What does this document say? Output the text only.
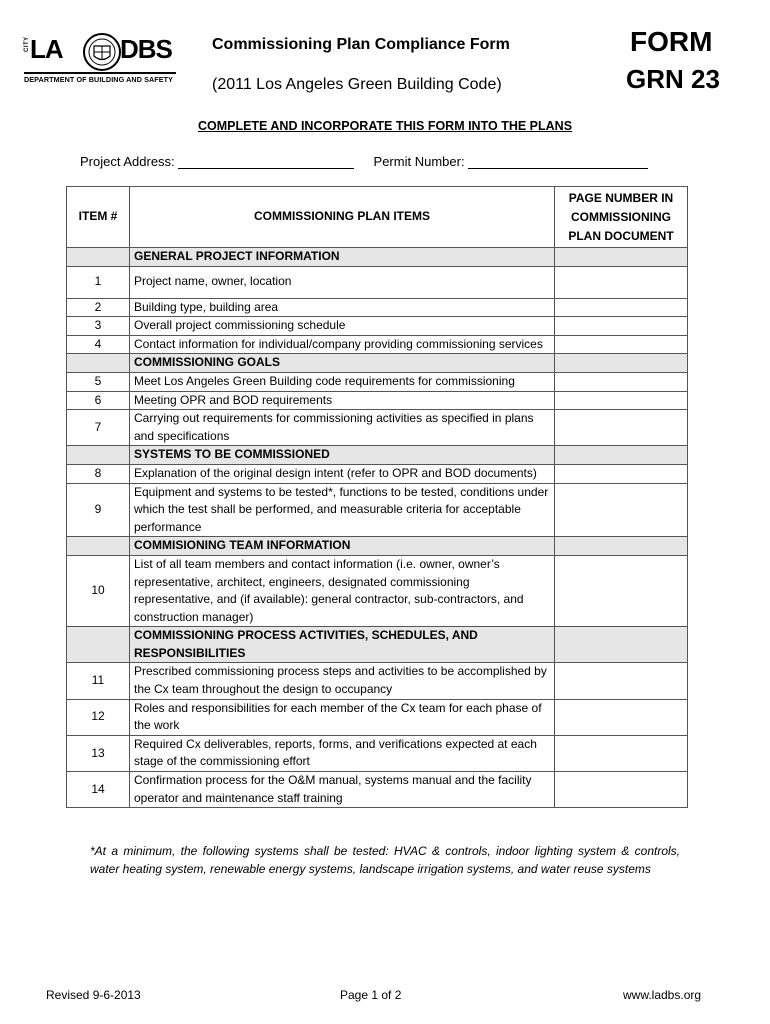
CITY LA DBS
DEPARTMENT OF BUILDING AND SAFETY
Commissioning Plan Compliance Form
(2011 Los Angeles Green Building Code)
FORM
GRN 23
COMPLETE AND INCORPORATE THIS FORM INTO THE PLANS
Project Address:	Permit Number:
ITEM #	COMMISSIONING PLAN ITEMS	PAGE NUMBER IN COMMISSIONING PLAN DOCUMENT
	GENERAL PROJECT INFORMATION	
1	Project name, owner, location	
2	Building type, building area	
3	Overall project commissioning schedule	
4	Contact information for individual/company providing commissioning services	
	COMMISSIONING GOALS	
5	Meet Los Angeles Green Building code requirements for commissioning	
6	Meeting OPR and BOD requirements	
7	Carrying out requirements for commissioning activities as specified in plans and specifications	
	SYSTEMS TO BE COMMISSIONED	
8	Explanation of the original design intent (refer to OPR and BOD documents)	
9	Equipment and systems to be tested*, functions to be tested, conditions under which the test shall be performed, and measurable criteria for acceptable performance	
	COMMISIONING TEAM INFORMATION	
10	List of all team members and contact information (i.e. owner, owner’s representative, architect, engineers, designated commissioning representative, and (if available): general contractor, sub-contractors, and construction manager)	
	COMMISSIONING PROCESS ACTIVITIES, SCHEDULES, AND RESPONSIBILITIES	
11	Prescribed commissioning process steps and activities to be accomplished by the Cx team throughout the design to occupancy	
12	Roles and responsibilities for each member of the Cx team for each phase of the work	
13	Required Cx deliverables, reports, forms, and verifications expected at each stage of the commissioning effort	
14	Confirmation process for the O&M manual, systems manual and the facility operator and maintenance staff training	
*At a minimum, the following systems shall be tested: HVAC & controls, indoor lighting system & controls, water heating system, renewable energy systems, landscape irrigation systems, and water reuse systems
Revised 9-6-2013	Page 1 of 2	www.ladbs.org
